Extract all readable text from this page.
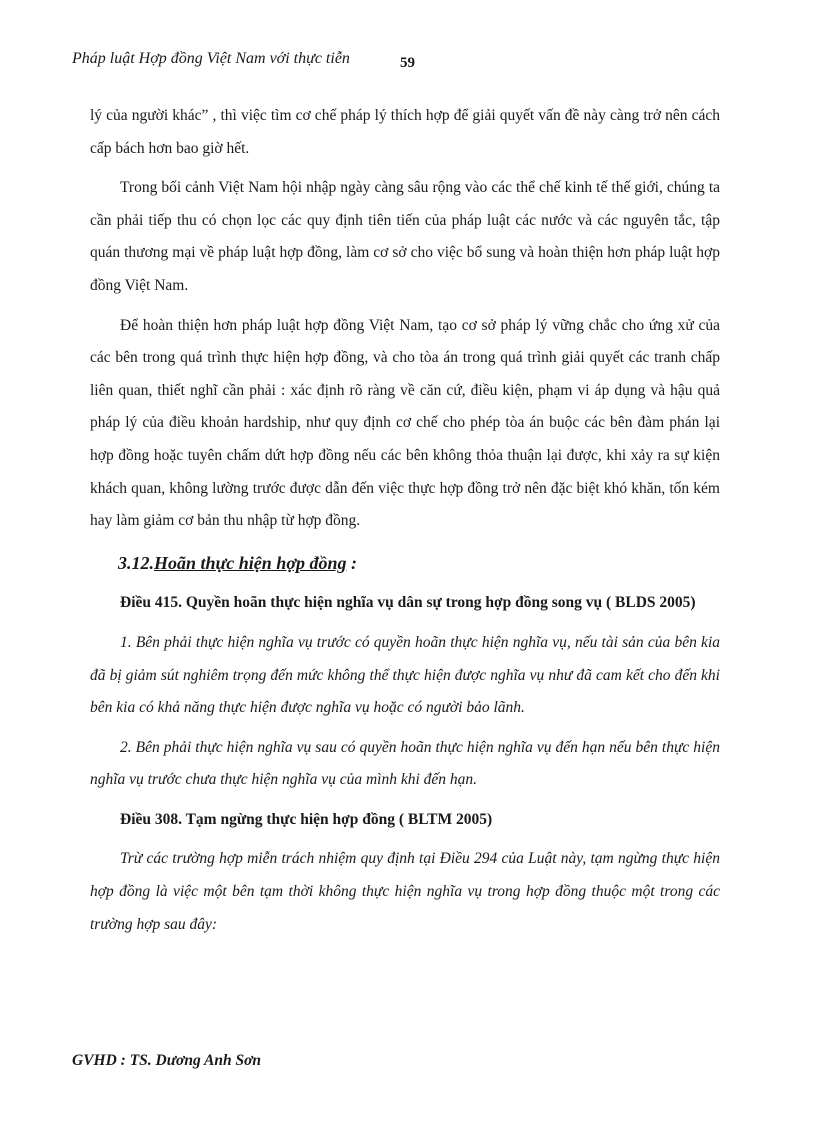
Pháp luật Hợp đồng Việt Nam với thực tiễn	59

lý của người khác” , thì việc tìm cơ chế pháp lý thích hợp để giải quyết vấn đề này càng trở nên cách cấp bách hơn bao giờ hết.

Trong bối cảnh Việt Nam hội nhập ngày càng sâu rộng vào các thể chế kinh tế thế giới, chúng ta cần phải tiếp thu có chọn lọc các quy định tiên tiến của pháp luật các nước và các nguyên tắc, tập quán thương mại về pháp luật hợp đồng, làm cơ sở cho việc bổ sung và hoàn thiện hơn pháp luật hợp đồng Việt Nam.

Để hoàn thiện hơn pháp luật hợp đồng Việt Nam, tạo cơ sở pháp lý vững chắc cho ứng xử của các bên trong quá trình thực hiện hợp đồng, và cho tòa án trong quá trình giải quyết các tranh chấp liên quan, thiết nghĩ cần phải : xác định rõ ràng về căn cứ, điều kiện, phạm vi áp dụng và hậu quả pháp lý của điều khoản hardship, như quy định cơ chế cho phép tòa án buộc các bên đàm phán lại hợp đồng hoặc tuyên chấm dứt hợp đồng nếu các bên không thỏa thuận lại được, khi xảy ra sự kiện khách quan, không lường trước được dẫn đến việc thực hợp đồng trở nên đặc biệt khó khăn, tốn kém hay làm giảm cơ bản thu nhập từ hợp đồng.

3.12.Hoãn thực hiện hợp đồng :

Điều 415. Quyền hoãn thực hiện nghĩa vụ dân sự trong hợp đồng song vụ ( BLDS 2005)

1. Bên phải thực hiện nghĩa vụ trước có quyền hoãn thực hiện nghĩa vụ, nếu tài sản của bên kia đã bị giảm sút nghiêm trọng đến mức không thể thực hiện được nghĩa vụ như đã cam kết cho đến khi bên kia có khả năng thực hiện được nghĩa vụ hoặc có người bảo lãnh.

2. Bên phải thực hiện nghĩa vụ sau có quyền hoãn thực hiện nghĩa vụ đến hạn nếu bên thực hiện nghĩa vụ trước chưa thực hiện nghĩa vụ của mình khi đến hạn.

Điều 308. Tạm ngừng thực hiện hợp đồng ( BLTM 2005)

Trừ các trường hợp miễn trách nhiệm quy định tại Điều 294 của Luật này, tạm ngừng thực hiện hợp đồng là việc một bên tạm thời không thực hiện nghĩa vụ trong hợp đồng thuộc một trong các trường hợp sau đây:

GVHD : TS. Dương Anh Sơn
